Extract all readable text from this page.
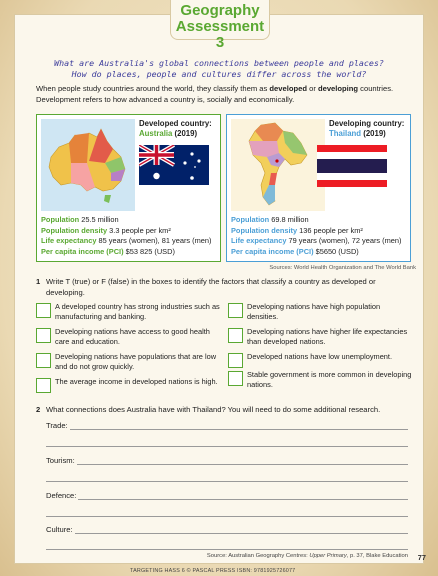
Geography
Assessment 3
What are Australia's global connections between people and places?
How do places, people and cultures differ across the world?
When people study countries around the world, they classify them as developed or developing countries. Development refers to how advanced a country is, socially and economically.
Developed country:
Australia (2019)
Population 25.5 million
Population density 3.3 people per km²
Life expectancy 85 years (women), 81 years (men)
Per capita income (PCI) $53 825 (USD)
Developing country:
Thailand (2019)
Population 69.8 million
Population density 136 people per km²
Life expectancy 79 years (women), 72 years (men)
Per capita income (PCI) $5650 (USD)
Sources: World Health Organization and The World Bank
1 Write T (true) or F (false) in the boxes to identify the factors that classify a country as developed or developing.
A developed country has strong industries such as manufacturing and banking.
Developing nations have access to good health care and education.
Developing nations have populations that are low and do not grow quickly.
The average income in developed nations is high.
Developing nations have high population densities.
Developing nations have higher life expectancies than developed nations.
Developed nations have low unemployment.
Stable government is more common in developing nations.
2 What connections does Australia have with Thailand? You will need to do some additional research.
Trade:
Tourism:
Defence:
Culture:
Source: Australian Geography Centres: Upper Primary, p. 37, Blake Education 77
TARGETING HASS 6 © PASCAL PRESS ISBN: 9781925726077
